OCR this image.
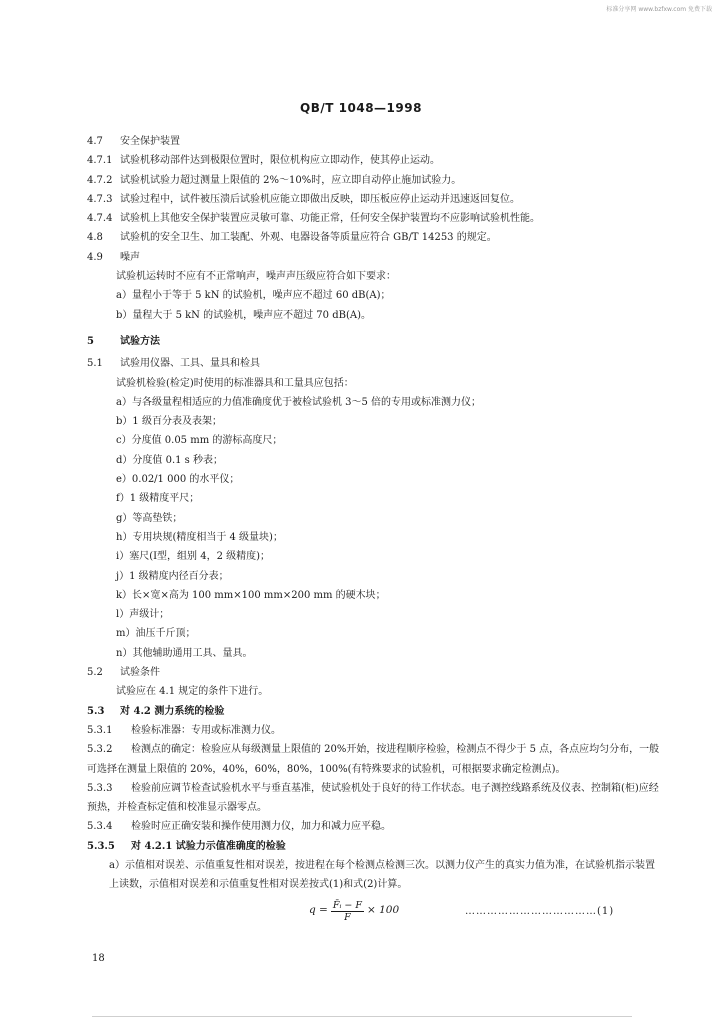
标准分享网 www.bzfxw.com 免费下载
QB/T 1048—1998
4.7 安全保护装置
4.7.1 试验机移动部件达到极限位置时，限位机构应立即动作，使其停止运动。
4.7.2 试验机试验力超过测量上限值的 2%～10%时，应立即自动停止施加试验力。
4.7.3 试验过程中，试件被压溃后试验机应能立即做出反映，即压板应停止运动并迅速返回复位。
4.7.4 试验机上其他安全保护装置应灵敏可靠、功能正常，任何安全保护装置均不应影响试验机性能。
4.8 试验机的安全卫生、加工装配、外观、电器设备等质量应符合 GB/T 14253 的规定。
4.9 噪声
试验机运转时不应有不正常响声，噪声声压级应符合如下要求：
a）量程小于等于 5 kN 的试验机，噪声应不超过 60 dB(A)；
b）量程大于 5 kN 的试验机，噪声应不超过 70 dB(A)。
5	试验方法
5.1 试验用仪器、工具、量具和检具
试验机检验(检定)时使用的标准器具和工量具应包括：
a）与各级量程相适应的力值准确度优于被检试验机 3～5 倍的专用或标准测力仪；
b）1 级百分表及表架；
c）分度值 0.05 mm 的游标高度尺；
d）分度值 0.1 s 秒表；
e）0.02/1 000 的水平仪；
f）1 级精度平尺；
g）等高垫铁；
h）专用块规(精度相当于 4 级量块)；
i）塞尺(Ⅰ型，组别 4，2 级精度)；
j）1 级精度内径百分表；
k）长×宽×高为 100 mm×100 mm×200 mm 的硬木块；
l）声级计；
m）油压千斤顶；
n）其他辅助通用工具、量具。
5.2 试验条件
试验应在 4.1 规定的条件下进行。
5.3 对 4.2 测力系统的检验
5.3.1 检验标准器：专用或标准测力仪。
5.3.2 检测点的确定：检验应从每级测量上限值的 20%开始，按进程顺序检验，检测点不得少于 5 点，各点应均匀分布，一般可选择在测量上限值的 20%，40%，60%，80%，100%(有特殊要求的试验机，可根据要求确定检测点)。
5.3.3 检验前应调节检查试验机水平与垂直基准，使试验机处于良好的待工作状态。电子测控线路系统及仪表、控制箱(柜)应经预热，并检查标定值和校准显示器零点。
5.3.4 检验时应正确安装和操作使用测力仪，加力和减力应平稳。
5.3.5 对 4.2.1 试验力示值准确度的检验
a）示值相对误差、示值重复性相对误差，按进程在每个检测点检测三次。以测力仪产生的真实力值为准，在试验机指示装置上读数，示值相对误差和示值重复性相对误差按式(1)和式(2)计算。
$q = \frac{\text{F̄ᵢ − F}}{F} \times 100$	………………………………(1)
18
